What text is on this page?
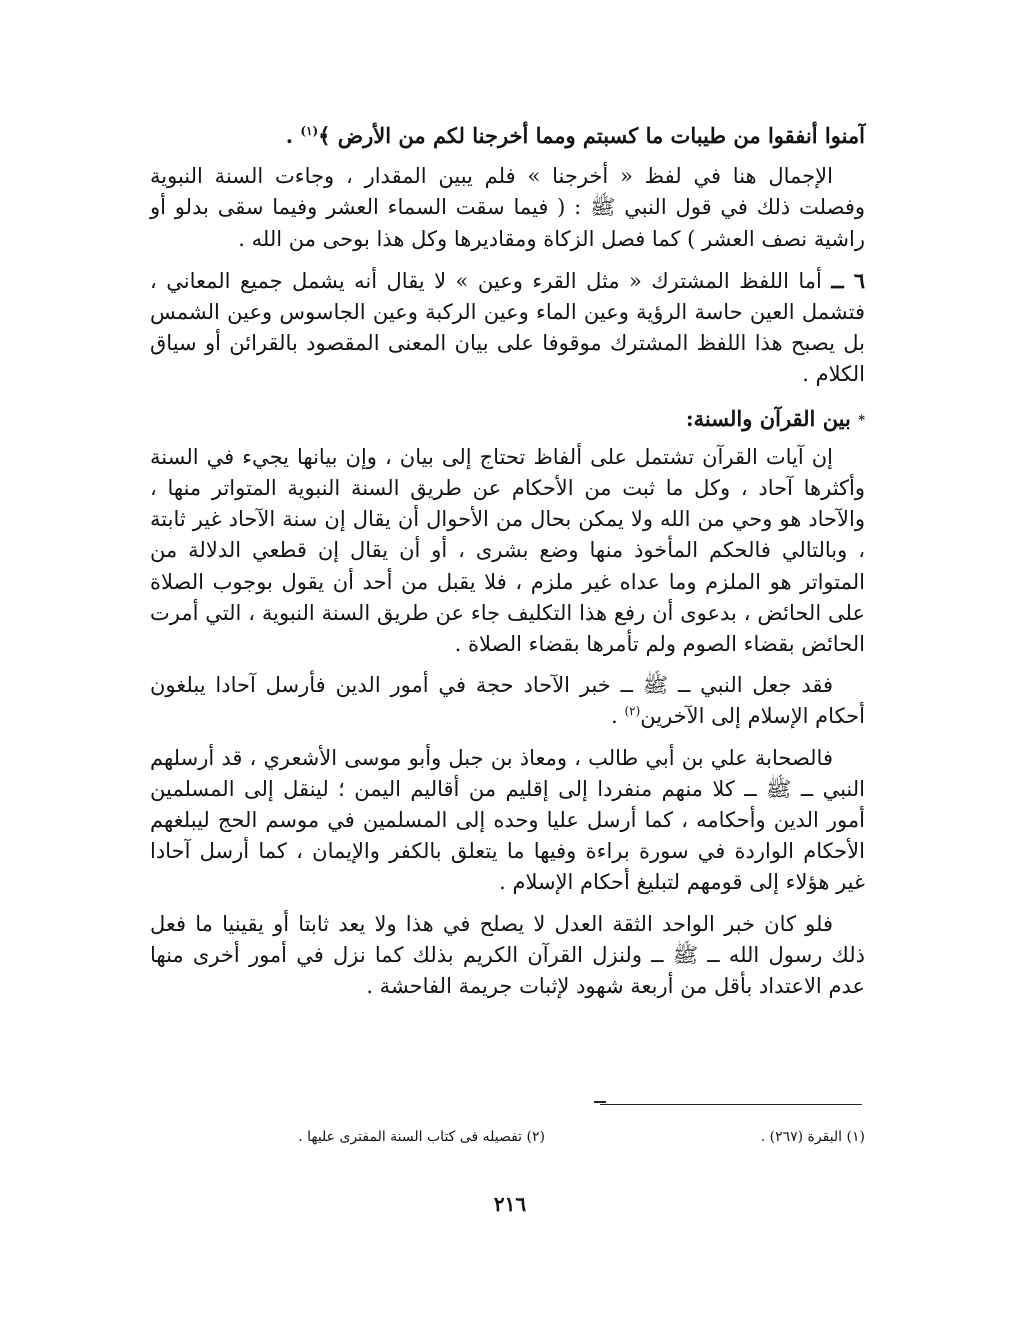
آمنوا أنفقوا من طيبات ما كسبتم ومما أخرجنا لكم من الأرض ﴾$^{(١)}$ .

الإجمال هنا في لفظ « أخرجنا » فلم يبين المقدار ، وجاءت السنة النبوية وفصلت ذلك في قول النبي ﷺ : ( فيما سقت السماء العشر وفيما سقى بدلو أو راشية نصف العشر ) كما فصل الزكاة ومقاديرها وكل هذا بوحى من الله .

٦ ــ أما اللفظ المشترك « مثل القرء وعين » لا يقال أنه يشمل جميع المعاني ، فتشمل العين حاسة الرؤية وعين الماء وعين الركبة وعين الجاسوس وعين الشمس بل يصبح هذا اللفظ المشترك موقوفا على بيان المعنى المقصود بالقرائن أو سياق الكلام .

* بين القرآن والسنة:

إن آيات القرآن تشتمل على ألفاظ تحتاج إلى بيان ، وإن بيانها يجيء في السنة وأكثرها آحاد ، وكل ما ثبت من الأحكام عن طريق السنة النبوية المتواتر منها ، والآحاد هو وحي من الله ولا يمكن بحال من الأحوال أن يقال إن سنة الآحاد غير ثابتة ، وبالتالي فالحكم المأخوذ منها وضع بشرى ، أو أن يقال إن قطعي الدلالة من المتواتر هو الملزم وما عداه غير ملزم ، فلا يقبل من أحد أن يقول بوجوب الصلاة على الحائض ، بدعوى أن رفع هذا التكليف جاء عن طريق السنة النبوية ، التي أمرت الحائض بقضاء الصوم ولم تأمرها بقضاء الصلاة .

فقد جعل النبي ــ ﷺ ــ خبر الآحاد حجة في أمور الدين فأرسل آحادا يبلغون أحكام الإسلام إلى الآخرين$^{(٢)}$ .

فالصحابة علي بن أبي طالب ، ومعاذ بن جبل وأبو موسى الأشعري ، قد أرسلهم النبي ــ ﷺ ــ كلا منهم منفردا إلى إقليم من أقاليم اليمن ؛ لينقل إلى المسلمين أمور الدين وأحكامه ، كما أرسل عليا وحده إلى المسلمين في موسم الحج ليبلغهم الأحكام الواردة في سورة براءة وفيها ما يتعلق بالكفر والإيمان ، كما أرسل آحادا غير هؤلاء إلى قومهم لتبليغ أحكام الإسلام .

فلو كان خبر الواحد الثقة العدل لا يصلح في هذا ولا يعد ثابتا أو يقينيا ما فعل ذلك رسول الله ــ ﷺ ــ ولنزل القرآن الكريم بذلك كما نزل في أمور أخرى منها عدم الاعتداد بأقل من أربعة شهود لإثبات جريمة الفاحشة .

(١) البقرة (٢٦٧) .
(٢) تفصيله فى كتاب السنة المفترى عليها .
٢١٦
